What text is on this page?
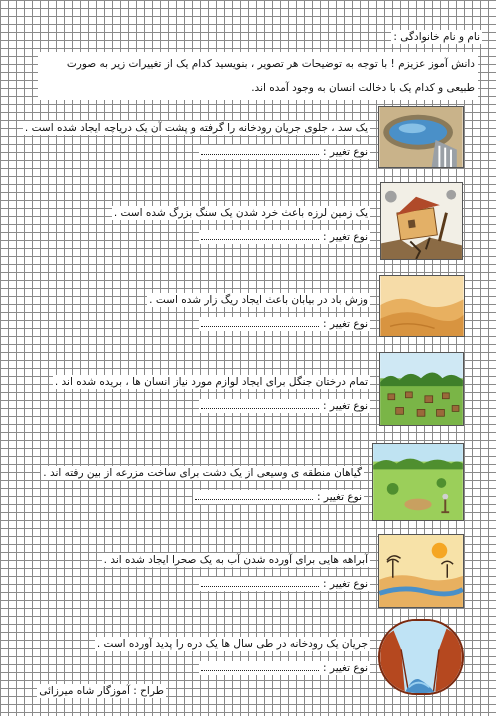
نام و نام خانوادگی :
دانش آموز عزیزم ! با توجه به توضیحات هر تصویر ، بنویسید کدام یک از تغییرات زیر به صورت
طبیعی و کدام یک با دخالت انسان به وجود آمده اند.
یک سد ، جلوی جریان رودخانه را گرفته و پشت آن یک دریاچه ایجاد شده است .
نوع تغییر :
یک زمین لرزه باعث خرد شدن یک سنگ بزرگ شده است .
نوع تغییر :
وزش باد در بیابان باعث ایجاد ریگ زار شده است .
نوع تغییر :
تمام درختان جنگل برای ایجاد لوازم مورد نیاز انسان ها ، بریده شده اند .
نوع تغییر :
گیاهان منطقه ی وسیعی از یک دشت برای ساخت مزرعه از بین رفته اند .
نوع تغییر :
آبراهه هایی برای آورده شدن آب به یک صحرا ایجاد شده اند .
نوع تغییر :
جریان یک رودخانه در طی سال ها یک دره را پدید آورده است .
نوع تغییر :
طراح : آموزگار شاه میرزائی
